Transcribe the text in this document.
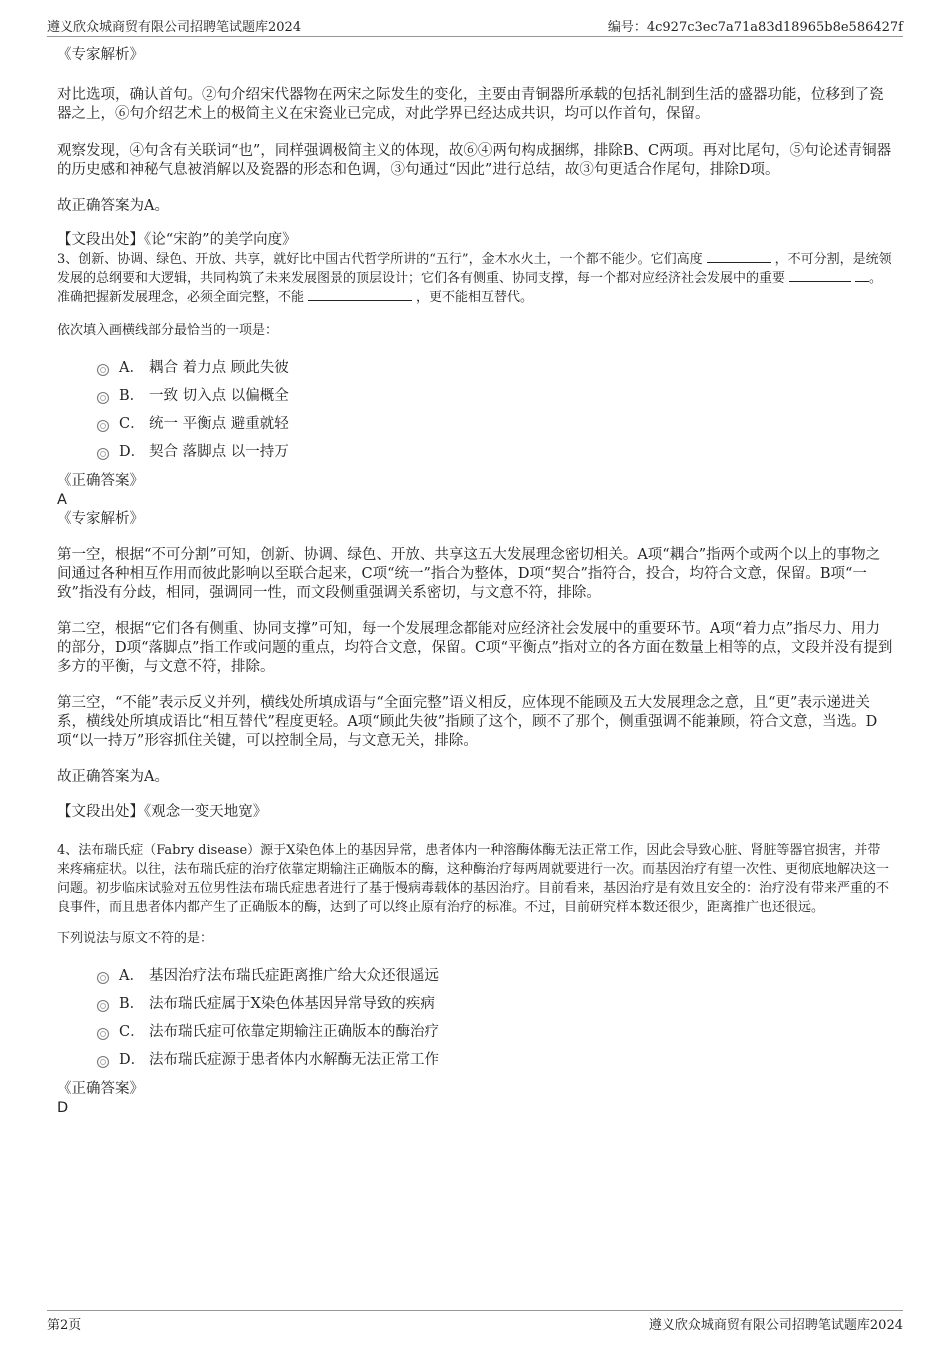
遵义欣众城商贸有限公司招聘笔试题库2024	编号：4c927c3ec7a71a83d18965b8e586427f

《专家解析》

对比选项，确认首句。②句介绍宋代器物在两宋之际发生的变化，主要由青铜器所承载的包括礼制到生活的盛器功能，位移到了瓷器之上，⑥句介绍艺术上的极简主义在宋瓷业已完成，对此学界已经达成共识，均可以作首句，保留。

观察发现，④句含有关联词“也”，同样强调极简主义的体现，故⑥④两句构成捆绑，排除B、C两项。再对比尾句，⑤句论述青铜器的历史感和神秘气息被消解以及瓷器的形态和色调，③句通过“因此”进行总结，故③句更适合作尾句，排除D项。

故正确答案为A。

【文段出处】《论“宋韵”的美学向度》

3、创新、协调、绿色、开放、共享，就好比中国古代哲学所讲的“五行”，金木水火土，一个都不能少。它们高度	，不可分割，是统领发展的总纲要和大逻辑，共同构筑了未来发展图景的顶层设计；它们各有侧重、协同支撑，每一个都对应经济社会发展中的重要	。准确把握新发展理念，必须全面完整，不能	，更不能相互替代。

依次填入画横线部分最恰当的一项是：

A． 耦合 着力点 顾此失彼
B． 一致 切入点 以偏概全
C． 统一 平衡点 避重就轻
D． 契合 落脚点 以一持万

《正确答案》

A

《专家解析》

第一空，根据“不可分割”可知，创新、协调、绿色、开放、共享这五大发展理念密切相关。A项“耦合”指两个或两个以上的事物之间通过各种相互作用而彼此影响以至联合起来，C项“统一”指合为整体，D项“契合”指符合，投合，均符合文意，保留。B项“一致”指没有分歧，相同，强调同一性，而文段侧重强调关系密切，与文意不符，排除。

第二空，根据“它们各有侧重、协同支撑”可知，每一个发展理念都能对应经济社会发展中的重要环节。A项“着力点”指尽力、用力的部分，D项“落脚点”指工作或问题的重点，均符合文意，保留。C项“平衡点”指对立的各方面在数量上相等的点，文段并没有提到多方的平衡，与文意不符，排除。

第三空，“不能”表示反义并列，横线处所填成语与“全面完整”语义相反，应体现不能顾及五大发展理念之意，且“更”表示递进关系，横线处所填成语比“相互替代”程度更轻。A项“顾此失彼”指顾了这个，顾不了那个，侧重强调不能兼顾，符合文意，当选。D项“以一持万”形容抓住关键，可以控制全局，与文意无关，排除。

故正确答案为A。

【文段出处】《观念一变天地宽》

4、法布瑞氏症（Fabry disease）源于X染色体上的基因异常，患者体内一种溶酶体酶无法正常工作，因此会导致心脏、肾脏等器官损害，并带来疼痛症状。以往，法布瑞氏症的治疗依靠定期输注正确版本的酶，这种酶治疗每两周就要进行一次。而基因治疗有望一次性、更彻底地解决这一问题。初步临床试验对五位男性法布瑞氏症患者进行了基于慢病毒载体的基因治疗。目前看来，基因治疗是有效且安全的：治疗没有带来严重的不良事件，而且患者体内都产生了正确版本的酶，达到了可以终止原有治疗的标准。不过，目前研究样本数还很少，距离推广也还很远。

下列说法与原文不符的是：

A． 基因治疗法布瑞氏症距离推广给大众还很遥远
B． 法布瑞氏症属于X染色体基因异常导致的疾病
C． 法布瑞氏症可依靠定期输注正确版本的酶治疗
D． 法布瑞氏症源于患者体内水解酶无法正常工作

《正确答案》

D

第2页	遵义欣众城商贸有限公司招聘笔试题库2024
